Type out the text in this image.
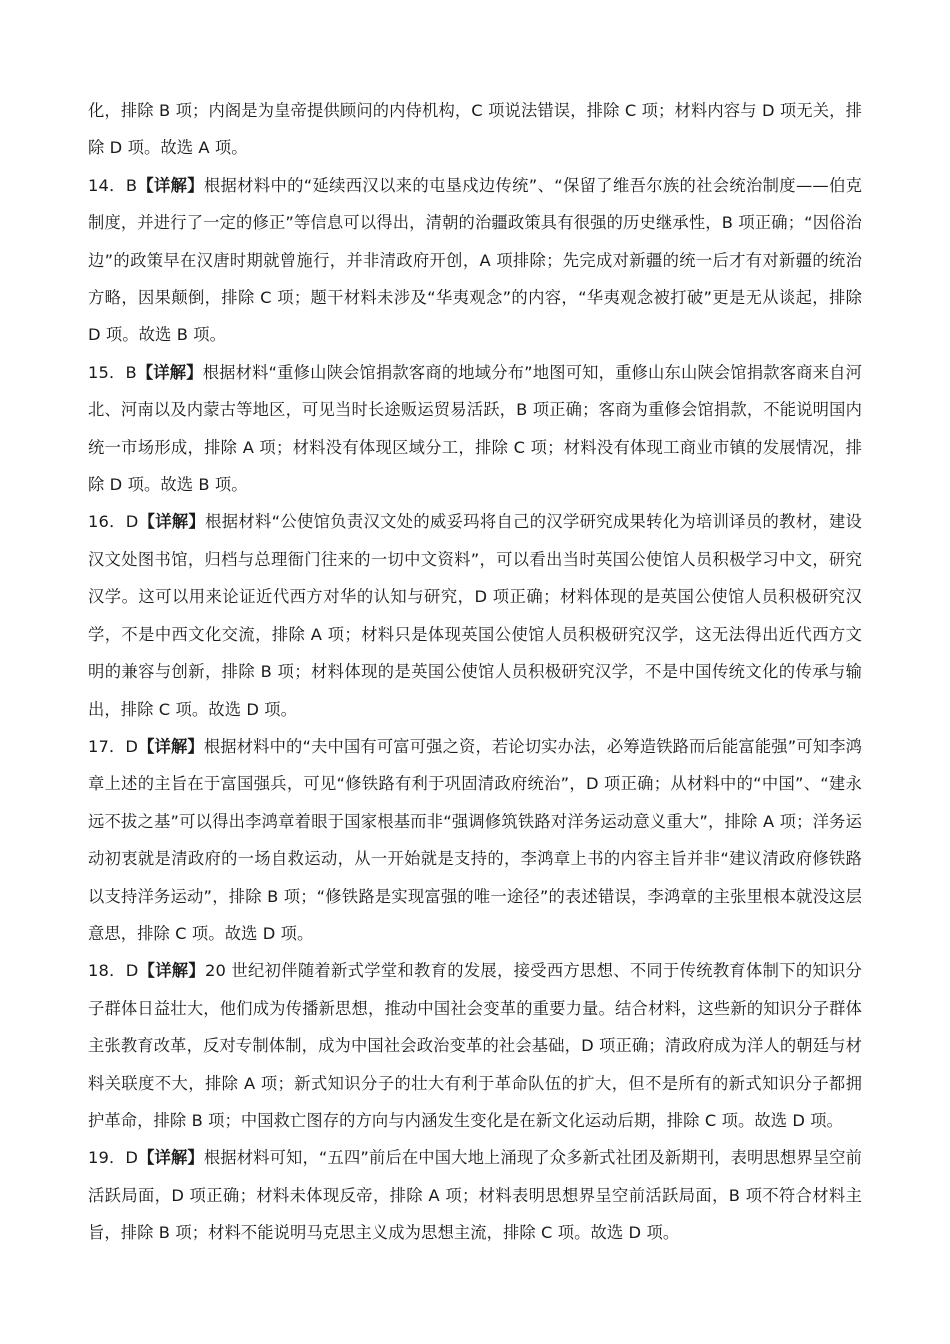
化，排除 B 项；内阁是为皇帝提供顾问的内侍机构，C 项说法错误，排除 C 项；材料内容与 D 项无关，排除 D 项。故选 A 项。

14．B【详解】根据材料中的“延续西汉以来的屯垦戍边传统”、“保留了维吾尔族的社会统治制度——伯克制度，并进行了一定的修正”等信息可以得出，清朝的治疆政策具有很强的历史继承性，B 项正确；“因俗治边”的政策早在汉唐时期就曾施行，并非清政府开创，A 项排除；先完成对新疆的统一后才有对新疆的统治方略，因果颠倒，排除 C 项；题干材料未涉及“华夷观念”的内容，“华夷观念被打破”更是无从谈起，排除 D 项。故选 B 项。

15．B【详解】根据材料“重修山陕会馆捐款客商的地域分布”地图可知，重修山东山陕会馆捐款客商来自河北、河南以及内蒙古等地区，可见当时长途贩运贸易活跃，B 项正确；客商为重修会馆捐款，不能说明国内统一市场形成，排除 A 项；材料没有体现区域分工，排除 C 项；材料没有体现工商业市镇的发展情况，排除 D 项。故选 B 项。

16．D【详解】根据材料“公使馆负责汉文处的威妥玛将自己的汉学研究成果转化为培训译员的教材，建设汉文处图书馆，归档与总理衙门往来的一切中文资料”，可以看出当时英国公使馆人员积极学习中文，研究汉学。这可以用来论证近代西方对华的认知与研究，D 项正确；材料体现的是英国公使馆人员积极研究汉学，不是中西文化交流，排除 A 项；材料只是体现英国公使馆人员积极研究汉学，这无法得出近代西方文明的兼容与创新，排除 B 项；材料体现的是英国公使馆人员积极研究汉学，不是中国传统文化的传承与输出，排除 C 项。故选 D 项。

17．D【详解】根据材料中的“夫中国有可富可强之资，若论切实办法，必筹造铁路而后能富能强”可知李鸿章上述的主旨在于富国强兵，可见“修铁路有利于巩固清政府统治”，D 项正确；从材料中的“中国”、“建永远不拔之基”可以得出李鸿章着眼于国家根基而非“强调修筑铁路对洋务运动意义重大”，排除 A 项；洋务运动初衷就是清政府的一场自救运动，从一开始就是支持的，李鸿章上书的内容主旨并非“建议清政府修铁路以支持洋务运动”，排除 B 项；“修铁路是实现富强的唯一途径”的表述错误，李鸿章的主张里根本就没这层意思，排除 C 项。故选 D 项。

18．D【详解】20 世纪初伴随着新式学堂和教育的发展，接受西方思想、不同于传统教育体制下的知识分子群体日益壮大，他们成为传播新思想，推动中国社会变革的重要力量。结合材料，这些新的知识分子群体主张教育改革，反对专制体制，成为中国社会政治变革的社会基础，D 项正确；清政府成为洋人的朝廷与材料关联度不大，排除 A 项；新式知识分子的壮大有利于革命队伍的扩大，但不是所有的新式知识分子都拥护革命，排除 B 项；中国救亡图存的方向与内涵发生变化是在新文化运动后期，排除 C 项。故选 D 项。

19．D【详解】根据材料可知，“五四”前后在中国大地上涌现了众多新式社团及新期刊，表明思想界呈空前活跃局面，D 项正确；材料未体现反帝，排除 A 项；材料表明思想界呈空前活跃局面，B 项不符合材料主旨，排除 B 项；材料不能说明马克思主义成为思想主流，排除 C 项。故选 D 项。
